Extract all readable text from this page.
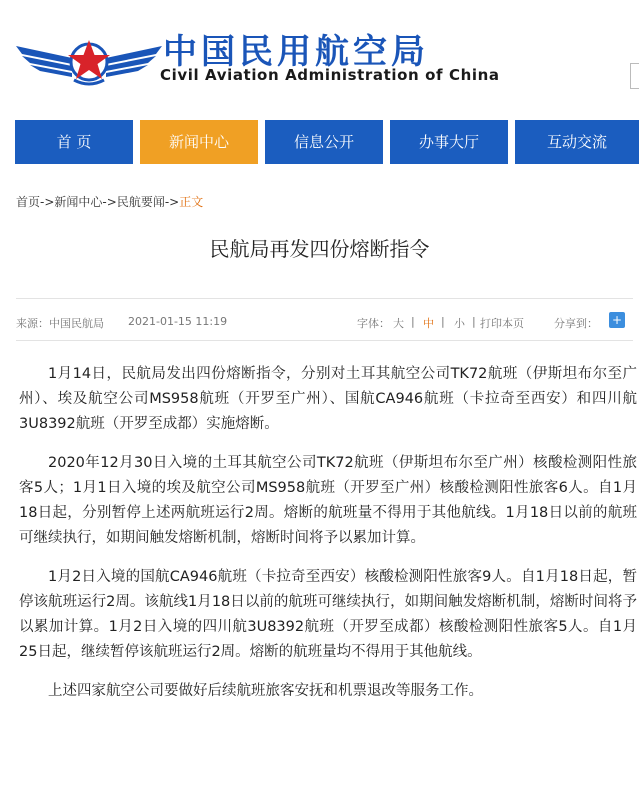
中国民用航空局
Civil Aviation Administration of China
首 页	新闻中心	信息公开	办事大厅	互动交流
首页->新闻中心->民航要闻->正文
民航局再发四份熔断指令
来源：中国民航局 2021-01-15 11:19	字体： 大 | 中 | 小 | 打印本页	分享到： +

1月14日，民航局发出四份熔断指令，分别对土耳其航空公司TK72航班（伊斯坦布尔至广州）、埃及航空公司MS958航班（开罗至广州）、国航CA946航班（卡拉奇至西安）和四川航3U8392航班（开罗至成都）实施熔断。

2020年12月30日入境的土耳其航空公司TK72航班（伊斯坦布尔至广州）核酸检测阳性旅客5人；1月1日入境的埃及航空公司MS958航班（开罗至广州）核酸检测阳性旅客6人。自1月18日起，分别暂停上述两航班运行2周。熔断的航班量不得用于其他航线。1月18日以前的航班可继续执行，如期间触发熔断机制，熔断时间将予以累加计算。

1月2日入境的国航CA946航班（卡拉奇至西安）核酸检测阳性旅客9人。自1月18日起，暂停该航班运行2周。该航线1月18日以前的航班可继续执行，如期间触发熔断机制，熔断时间将予以累加计算。1月2日入境的四川航3U8392航班（开罗至成都）核酸检测阳性旅客5人。自1月25日起，继续暂停该航班运行2周。熔断的航班量均不得用于其他航线。

上述四家航空公司要做好后续航班旅客安抚和机票退改等服务工作。
